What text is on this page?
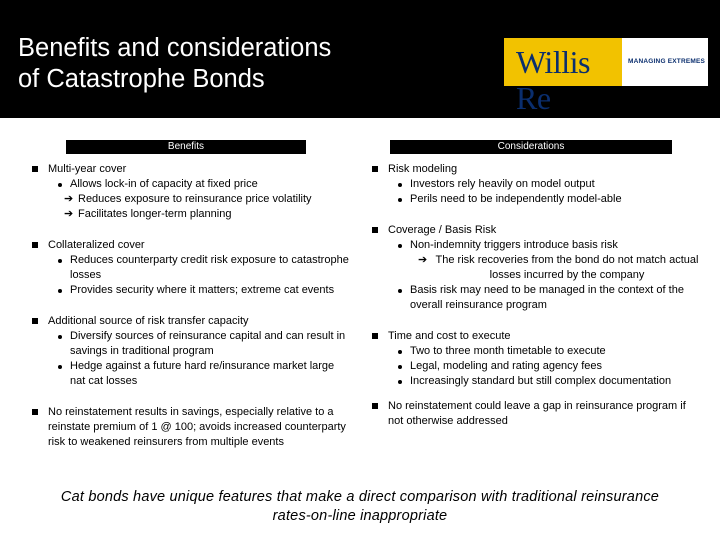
Benefits and considerations
of Catastrophe Bonds	Willis Re
MANAGING EXTREMES
Benefits	Considerations
Multi-year cover
Allows lock-in of capacity at fixed price
➔ Reduces exposure to reinsurance price volatility
➔ Facilitates longer-term planning
Collateralized cover
Reduces counterparty credit risk exposure to catastrophe losses
Provides security where it matters; extreme cat events
Additional source of risk transfer capacity
Diversify sources of reinsurance capital and can result in savings in traditional program
Hedge against a future hard re/insurance market large nat cat losses
No reinstatement results in savings, especially relative to a reinstate premium of 1 @ 100; avoids increased counterparty risk to weakened reinsurers from multiple events
Risk modeling
Investors rely heavily on model output
Perils need to be independently model-able
Coverage / Basis Risk
Non-indemnity triggers introduce basis risk
➔ The risk recoveries from the bond do not match actual losses incurred by the company
Basis risk may need to be managed in the context of the overall reinsurance program
Time and cost to execute
Two to three month timetable to execute
Legal, modeling and rating agency fees
Increasingly standard but still complex documentation
No reinstatement could leave a gap in reinsurance program if not otherwise addressed
Cat bonds have unique features that make a direct comparison with traditional reinsurance
rates-on-line inappropriate
